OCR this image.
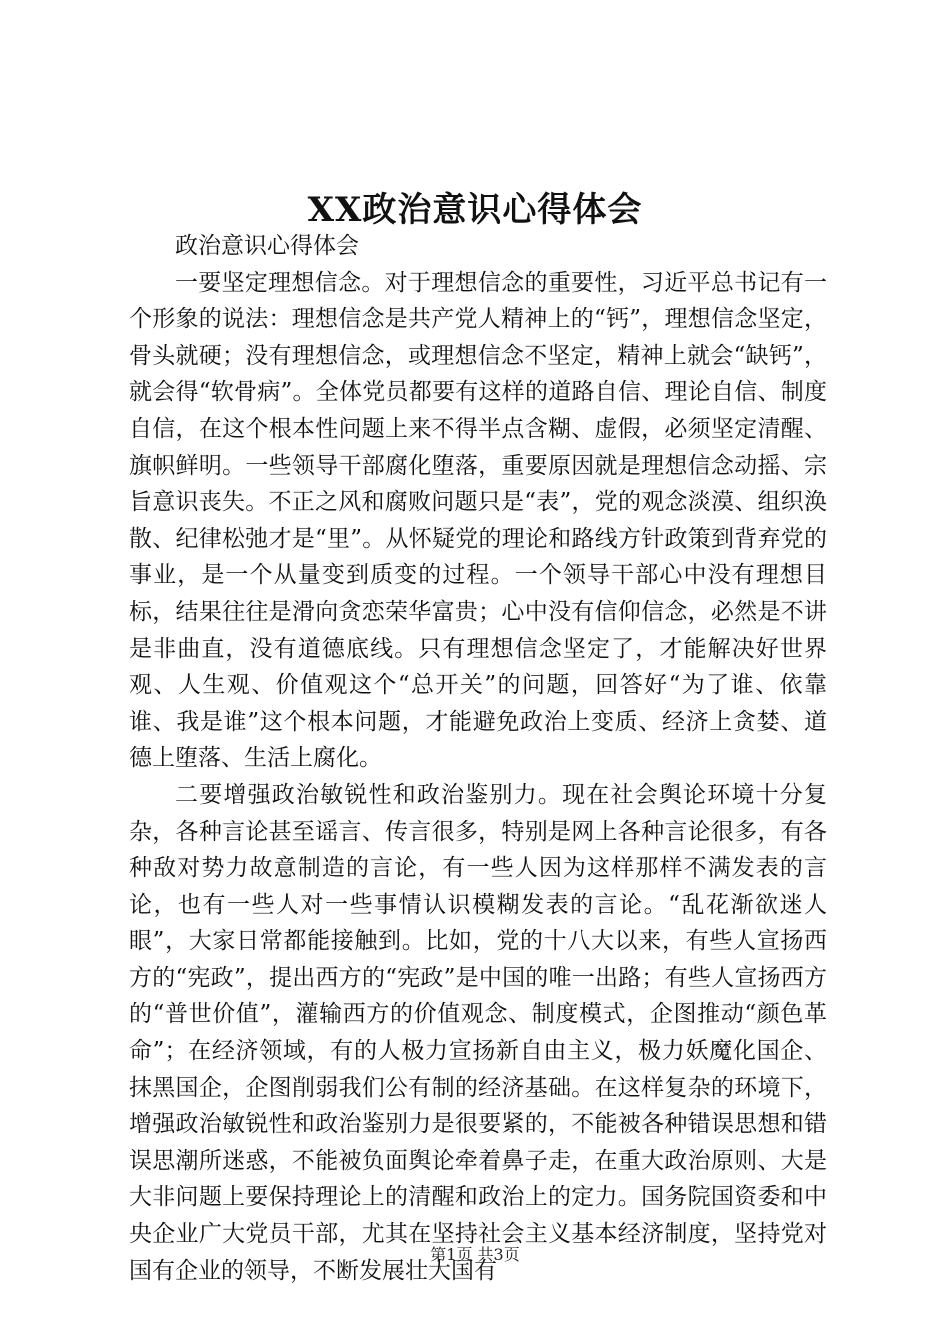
XX政治意识心得体会

政治意识心得体会

一要坚定理想信念。对于理想信念的重要性，习近平总书记有一个形象的说法：理想信念是共产党人精神上的“钙”，理想信念坚定，骨头就硬；没有理想信念，或理想信念不坚定，精神上就会“缺钙”，就会得“软骨病”。全体党员都要有这样的道路自信、理论自信、制度自信，在这个根本性问题上来不得半点含糊、虚假，必须坚定清醒、旗帜鲜明。一些领导干部腐化堕落，重要原因就是理想信念动摇、宗旨意识丧失。不正之风和腐败问题只是“表”，党的观念淡漠、组织涣散、纪律松弛才是“里”。从怀疑党的理论和路线方针政策到背弃党的事业，是一个从量变到质变的过程。一个领导干部心中没有理想目标，结果往往是滑向贪恋荣华富贵；心中没有信仰信念，必然是不讲是非曲直，没有道德底线。只有理想信念坚定了，才能解决好世界观、人生观、价值观这个“总开关”的问题，回答好“为了谁、依靠谁、我是谁”这个根本问题，才能避免政治上变质、经济上贪婪、道德上堕落、生活上腐化。

二要增强政治敏锐性和政治鉴别力。现在社会舆论环境十分复杂，各种言论甚至谣言、传言很多，特别是网上各种言论很多，有各种敌对势力故意制造的言论，有一些人因为这样那样不满发表的言论，也有一些人对一些事情认识模糊发表的言论。“乱花渐欲迷人眼”，大家日常都能接触到。比如，党的十八大以来，有些人宣扬西方的“宪政”，提出西方的“宪政”是中国的唯一出路；有些人宣扬西方的“普世价值”，灌输西方的价值观念、制度模式，企图推动“颜色革命”；在经济领域，有的人极力宣扬新自由主义，极力妖魔化国企、抹黑国企，企图削弱我们公有制的经济基础。在这样复杂的环境下，增强政治敏锐性和政治鉴别力是很要紧的，不能被各种错误思想和错误思潮所迷惑，不能被负面舆论牵着鼻子走，在重大政治原则、大是大非问题上要保持理论上的清醒和政治上的定力。国务院国资委和中央企业广大党员干部，尤其在坚持社会主义基本经济制度，坚持党对国有企业的领导，不断发展壮大国有

第1页 共3页
